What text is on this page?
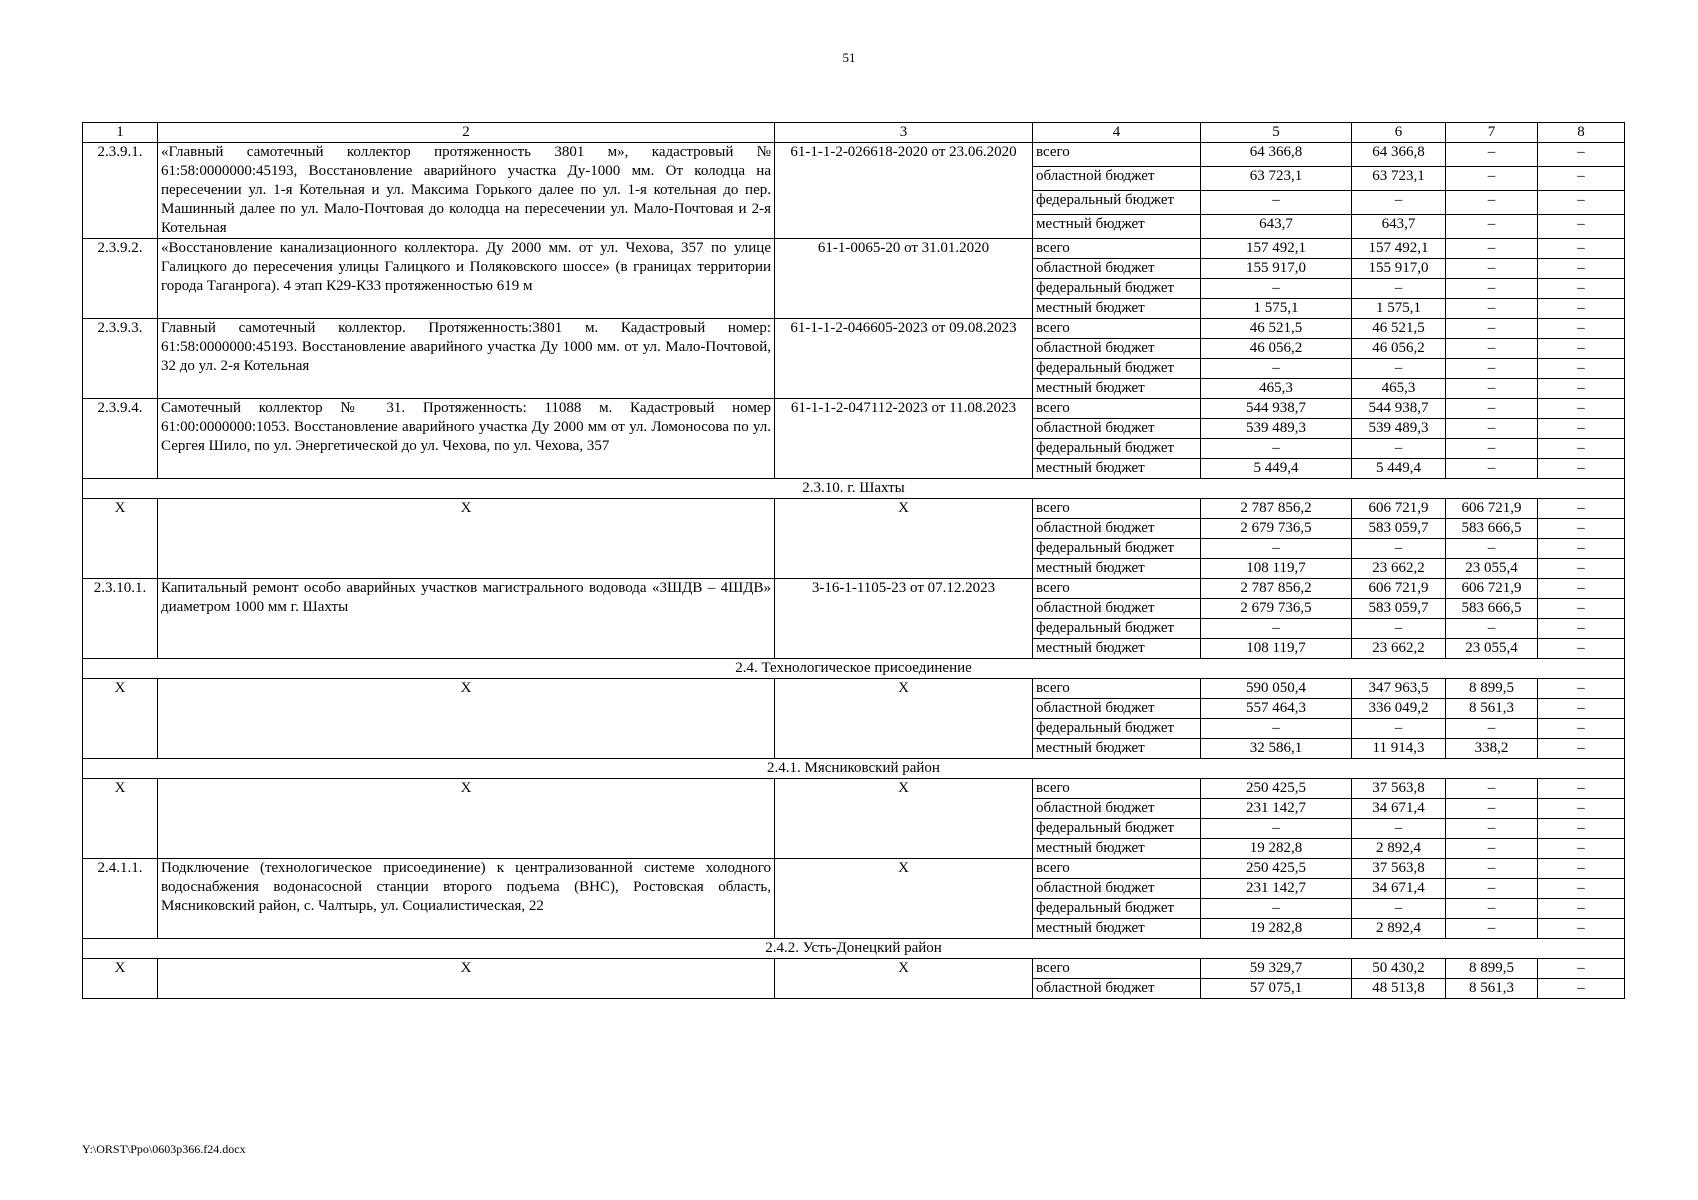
51
1	2	3	4	5	6	7	8
2.3.9.1.	«Главный самотечный коллектор протяженность 3801 м», кадастровый № 61:58:0000000:45193, Восстановление аварийного участка Ду-1000 мм. От колодца на пересечении ул. 1-я Котельная и ул. Максима Горького далее по ул. 1-я котельная до пер. Машинный далее по ул. Мало-Почтовая до колодца на пересечении ул. Мало-Почтовая и 2-я Котельная	61-1-1-2-026618-2020 от 23.06.2020	всего	64 366,8	64 366,8	–	–
			областной бюджет	63 723,1	63 723,1	–	–
			федеральный бюджет	–	–	–	–
			местный бюджет	643,7	643,7	–	–
2.3.9.2.	«Восстановление канализационного коллектора. Ду 2000 мм. от ул. Чехова, 357 по улице Галицкого до пересечения улицы Галицкого и Поляковского шоссе» (в границах территории города Таганрога). 4 этап К29-К33 протяженностью 619 м	61-1-0065-20 от 31.01.2020	всего	157 492,1	157 492,1	–	–
			областной бюджет	155 917,0	155 917,0	–	–
			федеральный бюджет	–	–	–	–
			местный бюджет	1 575,1	1 575,1	–	–
2.3.9.3.	Главный самотечный коллектор. Протяженность:3801 м. Кадастровый номер: 61:58:0000000:45193. Восстановление аварийного участка Ду 1000 мм. от ул. Мало-Почтовой, 32 до ул. 2-я Котельная	61-1-1-2-046605-2023 от 09.08.2023	всего	46 521,5	46 521,5	–	–
			областной бюджет	46 056,2	46 056,2	–	–
			федеральный бюджет	–	–	–	–
			местный бюджет	465,3	465,3	–	–
2.3.9.4.	Самотечный коллектор № 31. Протяженность: 11088 м. Кадастровый номер 61:00:0000000:1053. Восстановление аварийного участка Ду 2000 мм от ул. Ломоносова по ул. Сергея Шило, по ул. Энергетической до ул. Чехова, по ул. Чехова, 357	61-1-1-2-047112-2023 от 11.08.2023	всего	544 938,7	544 938,7	–	–
			областной бюджет	539 489,3	539 489,3	–	–
			федеральный бюджет	–	–	–	–
			местный бюджет	5 449,4	5 449,4	–	–
2.3.10. г. Шахты							
Х	Х	Х	всего	2 787 856,2	606 721,9	606 721,9	–
			областной бюджет	2 679 736,5	583 059,7	583 666,5	–
			федеральный бюджет	–	–	–	–
			местный бюджет	108 119,7	23 662,2	23 055,4	–
2.3.10.1.	Капитальный ремонт особо аварийных участков магистрального водовода «3ШДВ – 4ШДВ» диаметром 1000 мм г. Шахты	3-16-1-1105-23 от 07.12.2023	всего	2 787 856,2	606 721,9	606 721,9	–
			областной бюджет	2 679 736,5	583 059,7	583 666,5	–
			федеральный бюджет	–	–	–	–
			местный бюджет	108 119,7	23 662,2	23 055,4	–
2.4. Технологическое присоединение							
Х	Х	Х	всего	590 050,4	347 963,5	8 899,5	–
			областной бюджет	557 464,3	336 049,2	8 561,3	–
			федеральный бюджет	–	–	–	–
			местный бюджет	32 586,1	11 914,3	338,2	–
2.4.1. Мясниковский район							
Х	Х	Х	всего	250 425,5	37 563,8	–	–
			областной бюджет	231 142,7	34 671,4	–	–
			федеральный бюджет	–	–	–	–
			местный бюджет	19 282,8	2 892,4	–	–
2.4.1.1.	Подключение (технологическое присоединение) к централизованной системе холодного водоснабжения водонасосной станции второго подъема (ВНС), Ростовская область, Мясниковский район, с. Чалтырь, ул. Социалистическая, 22	Х	всего	250 425,5	37 563,8	–	–
			областной бюджет	231 142,7	34 671,4	–	–
			федеральный бюджет	–	–	–	–
			местный бюджет	19 282,8	2 892,4	–	–
2.4.2. Усть-Донецкий район							
Х	Х	Х	всего	59 329,7	50 430,2	8 899,5	–
			областной бюджет	57 075,1	48 513,8	8 561,3	–
Y:\ORST\Ppo\0603p366.f24.docx
